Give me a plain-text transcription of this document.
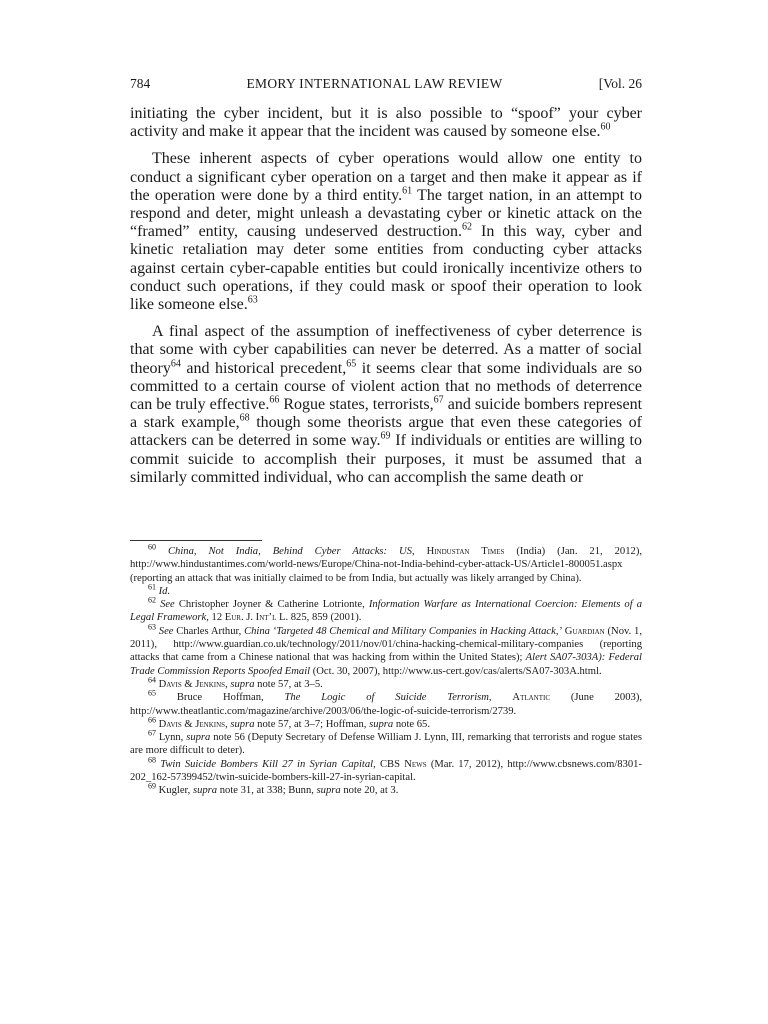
784	EMORY INTERNATIONAL LAW REVIEW	[Vol. 26

initiating the cyber incident, but it is also possible to “spoof” your cyber activity and make it appear that the incident was caused by someone else.$^{60}$

These inherent aspects of cyber operations would allow one entity to conduct a significant cyber operation on a target and then make it appear as if the operation were done by a third entity.$^{61}$ The target nation, in an attempt to respond and deter, might unleash a devastating cyber or kinetic attack on the “framed” entity, causing undeserved destruction.$^{62}$ In this way, cyber and kinetic retaliation may deter some entities from conducting cyber attacks against certain cyber-capable entities but could ironically incentivize others to conduct such operations, if they could mask or spoof their operation to look like someone else.$^{63}$

A final aspect of the assumption of ineffectiveness of cyber deterrence is that some with cyber capabilities can never be deterred. As a matter of social theory$^{64}$ and historical precedent,$^{65}$ it seems clear that some individuals are so committed to a certain course of violent action that no methods of deterrence can be truly effective.$^{66}$ Rogue states, terrorists,$^{67}$ and suicide bombers represent a stark example,$^{68}$ though some theorists argue that even these categories of attackers can be deterred in some way.$^{69}$ If individuals or entities are willing to commit suicide to accomplish their purposes, it must be assumed that a similarly committed individual, who can accomplish the same death or

$^{60}$ China, Not India, Behind Cyber Attacks: US, Hindustan Times (India) (Jan. 21, 2012), http://www.hindustantimes.com/world-news/Europe/China-not-India-behind-cyber-attack-US/Article1-800051.aspx (reporting an attack that was initially claimed to be from India, but actually was likely arranged by China).

$^{61}$ Id.

$^{62}$ See Christopher Joyner & Catherine Lotrionte, Information Warfare as International Coercion: Elements of a Legal Framework, 12 Eur. J. Int’l L. 825, 859 (2001).

$^{63}$ See Charles Arthur, China ‘Targeted 48 Chemical and Military Companies in Hacking Attack,’ Guardian (Nov. 1, 2011), http://www.guardian.co.uk/technology/2011/nov/01/china-hacking-chemical-military-companies (reporting attacks that came from a Chinese national that was hacking from within the United States); Alert SA07-303A): Federal Trade Commission Reports Spoofed Email (Oct. 30, 2007), http://www.us-cert.gov/cas/alerts/SA07-303A.html.

$^{64}$ Davis & Jenkins, supra note 57, at 3–5.

$^{65}$ Bruce Hoffman, The Logic of Suicide Terrorism, Atlantic (June 2003), http://www.theatlantic.com/magazine/archive/2003/06/the-logic-of-suicide-terrorism/2739.

$^{66}$ Davis & Jenkins, supra note 57, at 3–7; Hoffman, supra note 65.

$^{67}$ Lynn, supra note 56 (Deputy Secretary of Defense William J. Lynn, III, remarking that terrorists and rogue states are more difficult to deter).

$^{68}$ Twin Suicide Bombers Kill 27 in Syrian Capital, CBS News (Mar. 17, 2012), http://www.cbsnews.com/8301-202_162-57399452/twin-suicide-bombers-kill-27-in-syrian-capital.

$^{69}$ Kugler, supra note 31, at 338; Bunn, supra note 20, at 3.
